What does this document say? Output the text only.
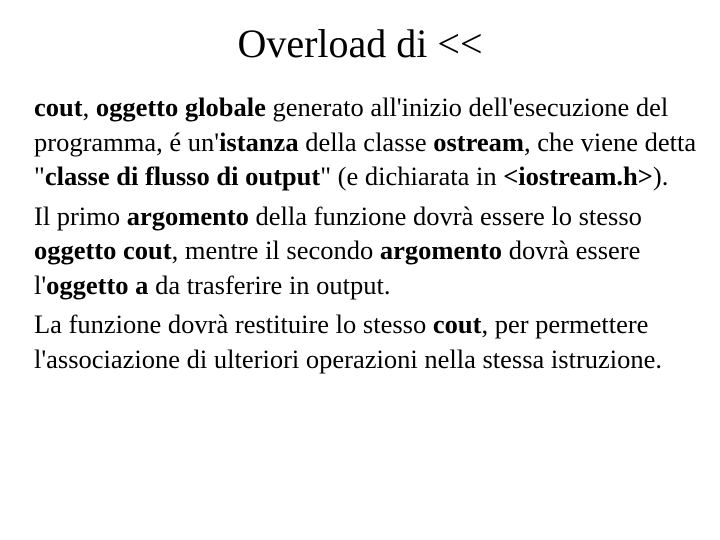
Overload di <<

cout, oggetto globale generato all'inizio dell'esecuzione del programma, é un'istanza della classe ostream, che viene detta "classe di flusso di output" (e dichiarata in <iostream.h>).

Il primo argomento della funzione dovrà essere lo stesso oggetto cout, mentre il secondo argomento dovrà essere l'oggetto a da trasferire in output.

La funzione dovrà restituire lo stesso cout, per permettere l'associazione di ulteriori operazioni nella stessa istruzione.
